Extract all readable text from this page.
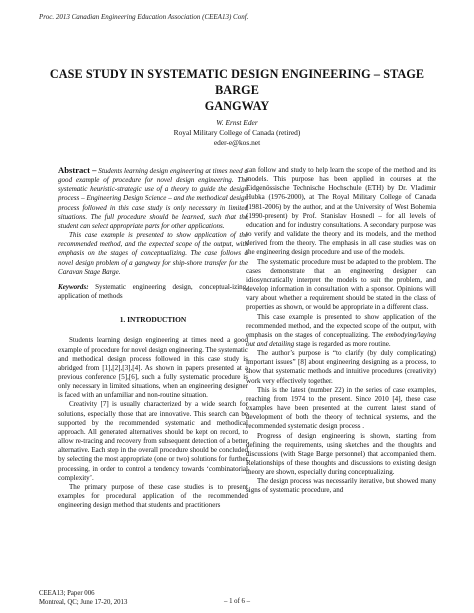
Proc. 2013 Canadian Engineering Education Association (CEEA13) Conf.
CASE STUDY IN SYSTEMATIC DESIGN ENGINEERING – STAGE BARGE
GANGWAY
W. Ernst Eder
Royal Military College of Canada (retired)
eder-e@kos.net

Abstract – Students learning design engineering at times need a good example of procedure for novel design engineering. The systematic heuristic-strategic use of a theory to guide the design process – Engineering Design Science – and the methodical design process followed in this case study is only necessary in limited situations. The full procedure should be learned, such that the student can select appropriate parts for other applications.

This case example is presented to show application of the recommended method, and the expected scope of the output, with emphasis on the stages of conceptualizing. The case follows a novel design problem of a gangway for ship-shore transfer for the Caravan Stage Barge.

Keywords: Systematic engineering design, conceptual-izing, application of methods

1. INTRODUCTION

Students learning design engineering at times need a good example of procedure for novel design engineering. The systematic and methodical design process followed in this case study is abridged from [1],[2],[3],[4]. As shown in papers presented at a previous conference [5],[6], such a fully systematic procedure is only necessary in limited situations, when an engineering designer is faced with an unfamiliar and non-routine situation.

Creativity [7] is usually characterized by a wide search for solutions, especially those that are innovative. This search can be supported by the recommended systematic and methodical approach. All generated alternatives should be kept on record, to allow re-tracing and recovery from subsequent detection of a better alternative. Each step in the overall procedure should be concluded by selecting the most appropriate (one or two) solutions for further processing, in order to control a tendency towards ‘combinatorial complexity’.

The primary purpose of these case studies is to present examples for procedural application of the recommended engineering design method that students and practitioners

can follow and study to help learn the scope of the method and its models. This purpose has been applied in courses at the Eidgenössische Technische Hochschule (ETH) by Dr. Vladimir Hubka (1976-2000), at The Royal Military College of Canada (1981-2006) by the author, and at the University of West Bohemia (1990-present) by Prof. Stanislav Hosnedl – for all levels of education and for industry consultations. A secondary purpose was to verify and validate the theory and its models, and the method derived from the theory. The emphasis in all case studies was on the engineering design procedure and use of the models.

The systematic procedure must be adapted to the problem. The cases demonstrate that an engineering designer can idiosyncratically interpret the models to suit the problem, and develop information in consultation with a sponsor. Opinions will vary about whether a requirement should be stated in the class of properties as shown, or would be appropriate in a different class.

This case example is presented to show application of the recommended method, and the expected scope of the output, with emphasis on the stages of conceptualizing. The embodying/laying out and detailing stage is regarded as more routine.

The author’s purpose is “to clarify (by duly complicating) important issues” [8] about engineering designing as a process, to show that systematic methods and intuitive procedures (creativity) work very effectively together.

This is the latest (number 22) in the series of case examples, reaching from 1974 to the present. Since 2010 [4], these case examples have been presented at the current latest stand of development of both the theory of technical systems, and the recommended systematic design process .

Progress of design engineering is shown, starting from defining the requirements, using sketches and the thoughts and discussions (with Stage Barge personnel) that accompanied them. Relationships of these thoughts and discussions to existing design theory are shown, especially during conceptualizing.

The design process was necessarily iterative, but showed many signs of systematic procedure, and

CEEA13; Paper 006
Montreal, QC; June 17-20, 2013	– 1 of 6 –
